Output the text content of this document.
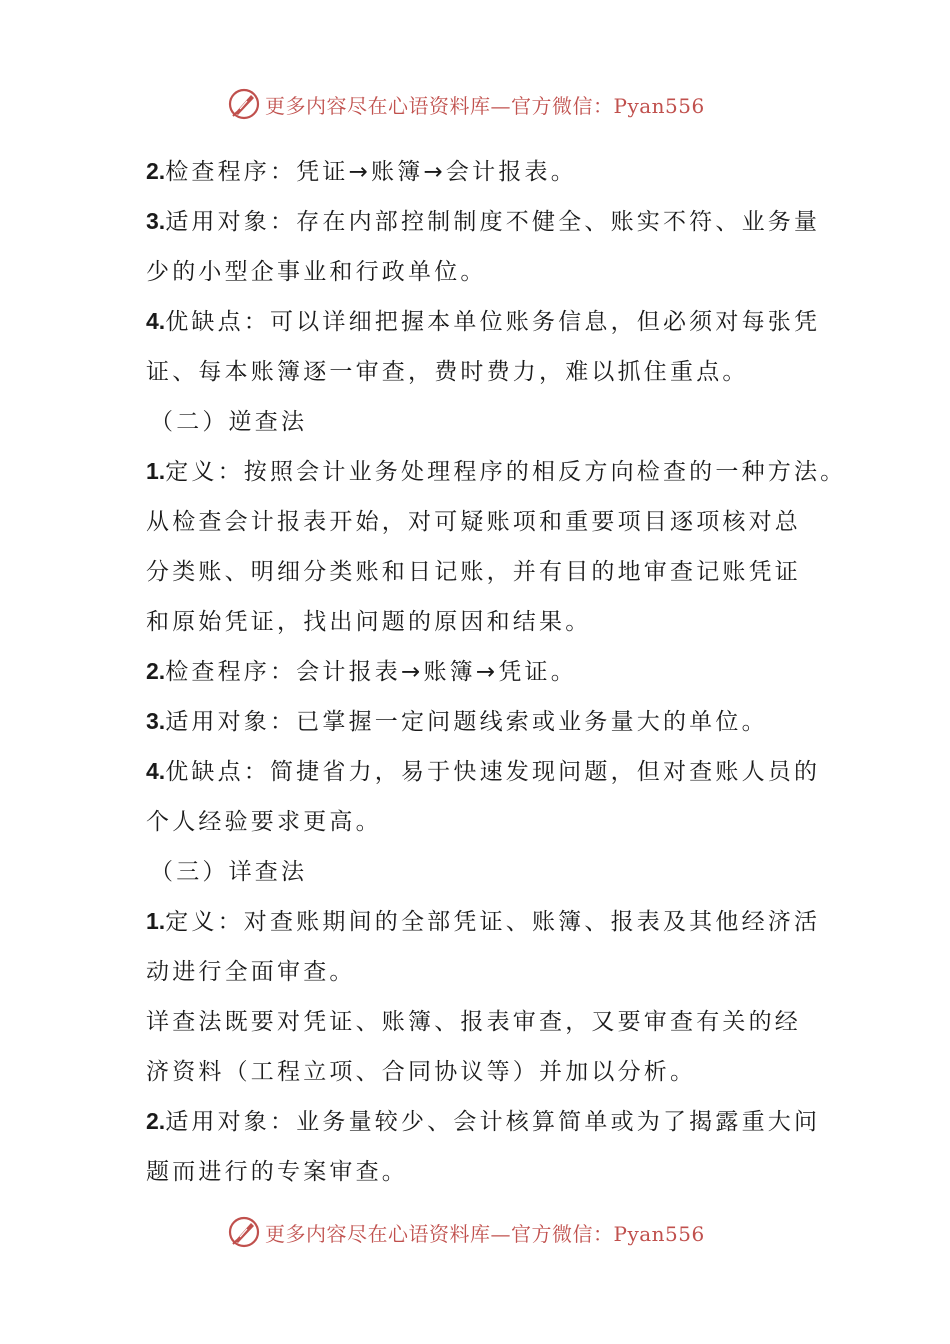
更多内容尽在心语资料库—官方微信：Pyan556
2.检查程序：凭证→账簿→会计报表。
3.适用对象：存在内部控制制度不健全、账实不符、业务量
少的小型企事业和行政单位。
4.优缺点：可以详细把握本单位账务信息，但必须对每张凭
证、每本账簿逐一审查，费时费力，难以抓住重点。
（二）逆查法
1.定义：按照会计业务处理程序的相反方向检查的一种方法。
从检查会计报表开始，对可疑账项和重要项目逐项核对总
分类账、明细分类账和日记账，并有目的地审查记账凭证
和原始凭证，找出问题的原因和结果。
2.检查程序：会计报表→账簿→凭证。
3.适用对象：已掌握一定问题线索或业务量大的单位。
4.优缺点：简捷省力，易于快速发现问题，但对查账人员的
个人经验要求更高。
（三）详查法
1.定义：对查账期间的全部凭证、账簿、报表及其他经济活
动进行全面审查。
详查法既要对凭证、账簿、报表审查，又要审查有关的经
济资料（工程立项、合同协议等）并加以分析。
2.适用对象：业务量较少、会计核算简单或为了揭露重大问
题而进行的专案审查。
更多内容尽在心语资料库—官方微信：Pyan556
